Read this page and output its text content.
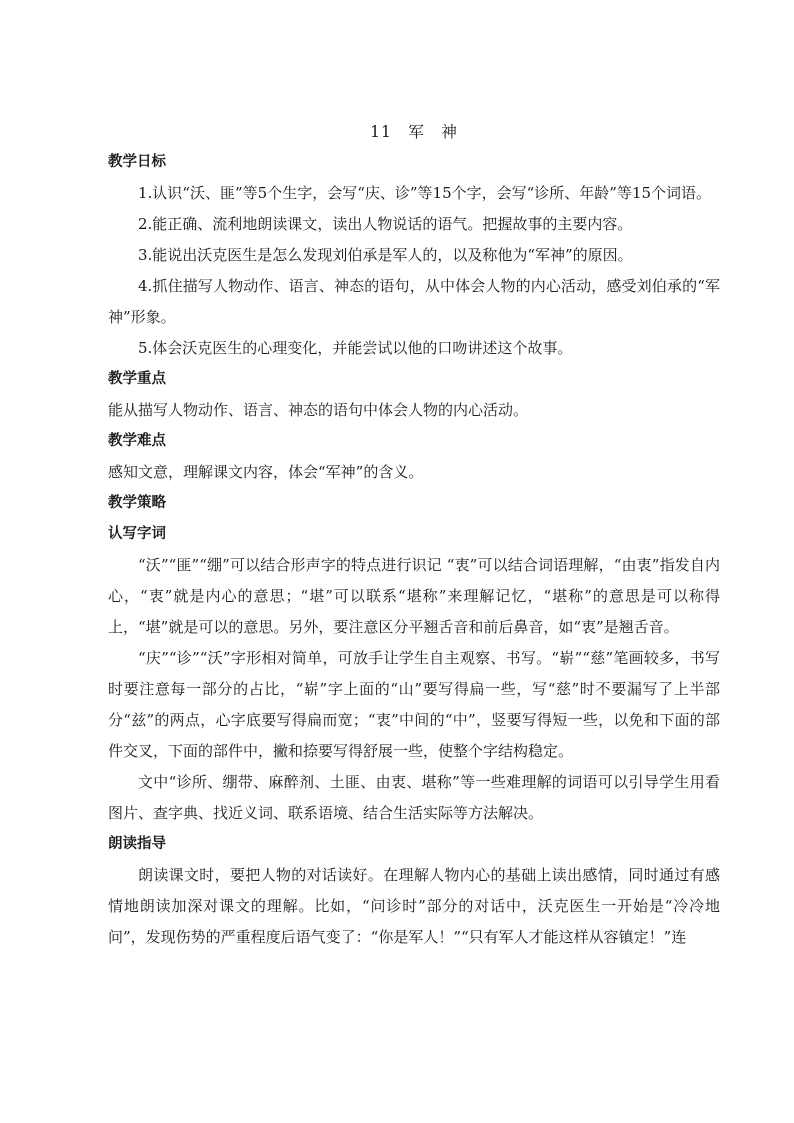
11　军　神
教学日标

1.认识“沃、匪”等5个生字，会写“庆、诊”等15个字，会写“诊所、年龄”等15个词语。

2.能正确、流利地朗读课文，读出人物说话的语气。把握故事的主要内容。

3.能说出沃克医生是怎么发现刘伯承是军人的，以及称他为“军神”的原因。

4.抓住描写人物动作、语言、神态的语句，从中体会人物的内心活动，感受刘伯承的“军神”形象。

5.体会沃克医生的心理变化，并能尝试以他的口吻讲述这个故事。

教学重点

能从描写人物动作、语言、神态的语句中体会人物的内心活动。

教学难点

感知文意，理解课文内容，体会“军神”的含义。

教学策略
认写字词

“沃”“匪”“绷”可以结合形声字的特点进行识记 “衷”可以结合词语理解，“由衷”指发自内心，“衷”就是内心的意思；“堪”可以联系“堪称”来理解记忆，“堪称”的意思是可以称得上，“堪”就是可以的意思。另外，要注意区分平翘舌音和前后鼻音，如“衷”是翘舌音。

“庆”“诊”“沃”字形相对简单，可放手让学生自主观察、书写。“崭”“慈”笔画较多，书写时要注意每一部分的占比，“崭”字上面的“山”要写得扁一些，写“慈”时不要漏写了上半部分“兹”的两点，心字底要写得扁而宽；“衷”中间的“中”，竖要写得短一些，以免和下面的部件交叉，下面的部件中，撇和捺要写得舒展一些，使整个字结构稳定。

文中“诊所、绷带、麻醉剂、土匪、由衷、堪称”等一些难理解的词语可以引导学生用看图片、查字典、找近义词、联系语境、结合生活实际等方法解决。

朗读指导

朗读课文时，要把人物的对话读好。在理解人物内心的基础上读出感情，同时通过有感情地朗读加深对课文的理解。比如，“问诊时”部分的对话中，沃克医生一开始是“冷冷地问”，发现伤势的严重程度后语气变了：“你是军人！”“只有军人才能这样从容镇定！”连
